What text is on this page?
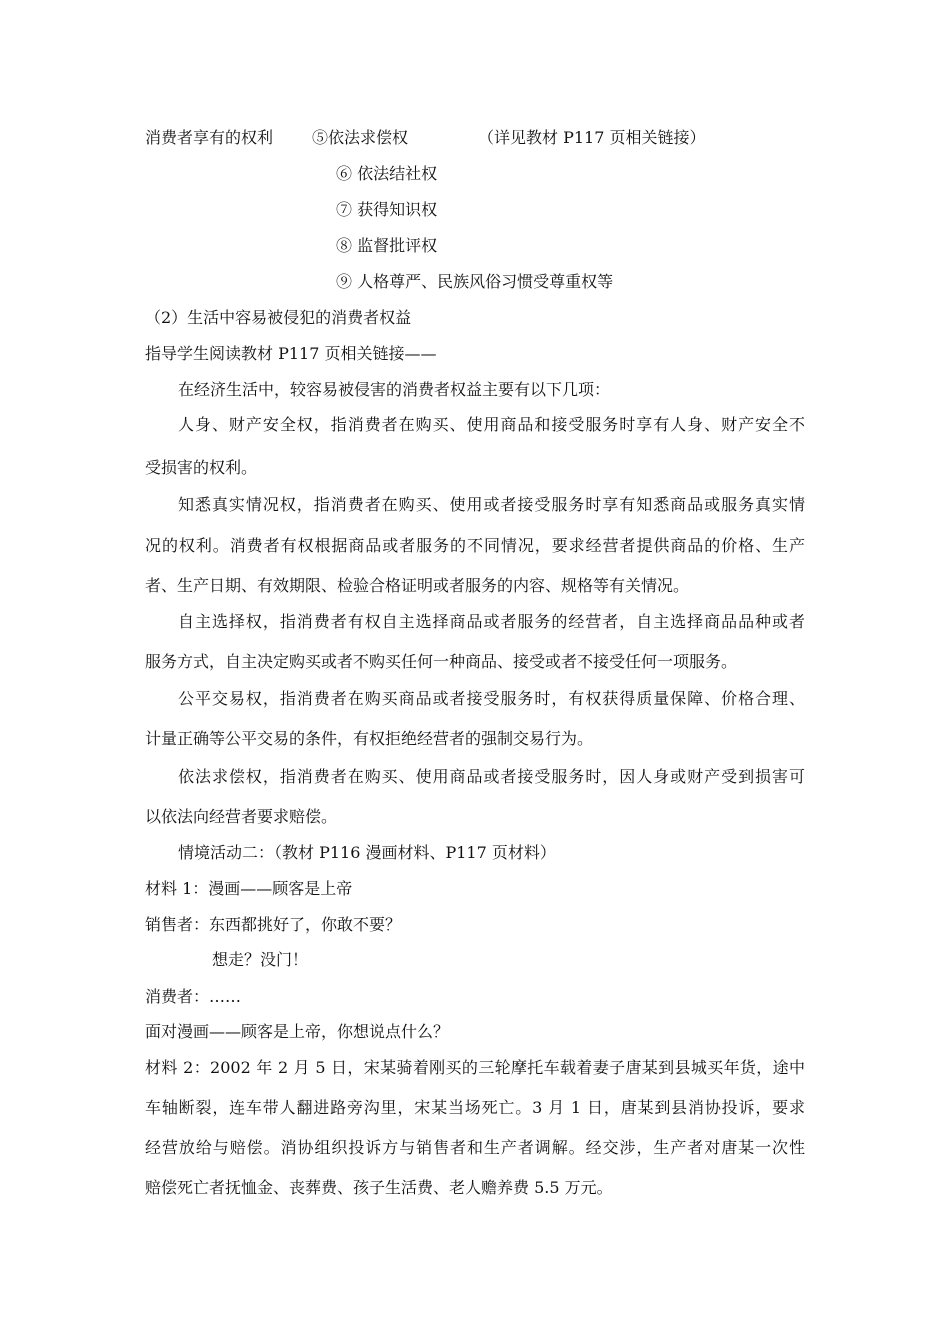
消费者享有的权利 ⑤依法求偿权	（详见教材 P117 页相关链接）
⑥ 依法结社权
⑦ 获得知识权
⑧ 监督批评权
⑨ 人格尊严、民族风俗习惯受尊重权等
（2）生活中容易被侵犯的消费者权益
指导学生阅读教材 P117 页相关链接——
在经济生活中，较容易被侵害的消费者权益主要有以下几项：
人身、财产安全权，指消费者在购买、使用商品和接受服务时享有人身、财产安全不
受损害的权利。
知悉真实情况权，指消费者在购买、使用或者接受服务时享有知悉商品或服务真实情
况的权利。消费者有权根据商品或者服务的不同情况，要求经营者提供商品的价格、生产
者、生产日期、有效期限、检验合格证明或者服务的内容、规格等有关情况。
自主选择权，指消费者有权自主选择商品或者服务的经营者，自主选择商品品种或者
服务方式，自主决定购买或者不购买任何一种商品、接受或者不接受任何一项服务。
公平交易权，指消费者在购买商品或者接受服务时，有权获得质量保障、价格合理、
计量正确等公平交易的条件，有权拒绝经营者的强制交易行为。
依法求偿权，指消费者在购买、使用商品或者接受服务时，因人身或财产受到损害可
以依法向经营者要求赔偿。
情境活动二：（教材 P116 漫画材料、P117 页材料）
材料 1：漫画——顾客是上帝
销售者：东西都挑好了，你敢不要？
想走？没门！
消费者：……
面对漫画——顾客是上帝，你想说点什么？
材料 2：2002 年 2 月 5 日，宋某骑着刚买的三轮摩托车载着妻子唐某到县城买年货，途中
车轴断裂，连车带人翻进路旁沟里，宋某当场死亡。3 月 1 日，唐某到县消协投诉，要求
经营放给与赔偿。消协组织投诉方与销售者和生产者调解。经交涉，生产者对唐某一次性
赔偿死亡者抚恤金、丧葬费、孩子生活费、老人赡养费 5.5 万元。
